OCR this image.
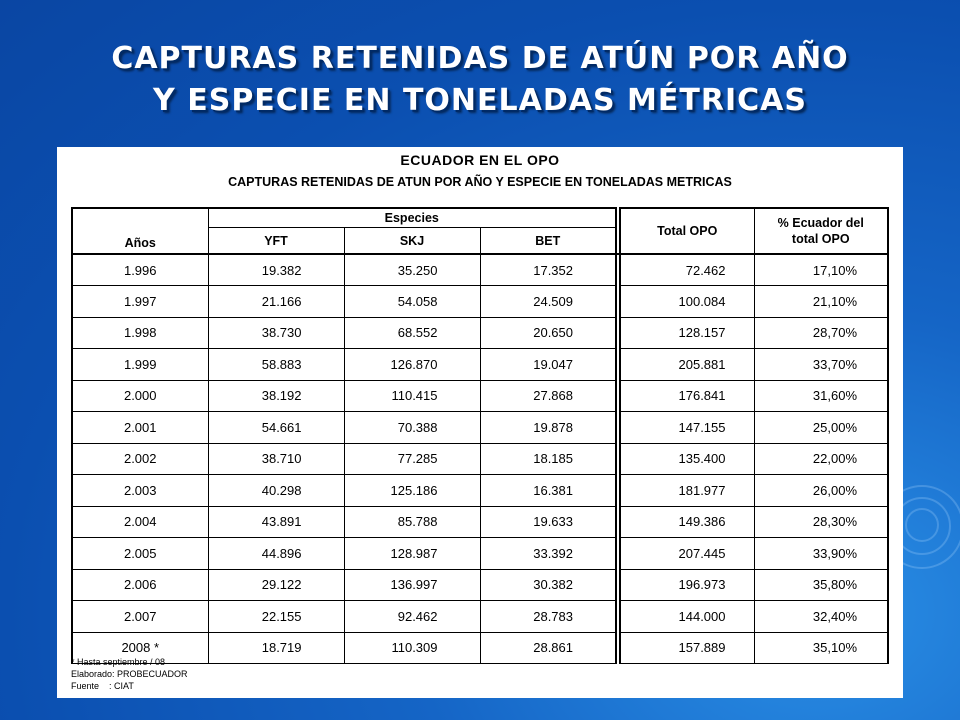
CAPTURAS RETENIDAS DE ATÚN POR AÑO
Y ESPECIE EN TONELADAS MÉTRICAS
ECUADOR EN EL OPO
CAPTURAS RETENIDAS DE ATUN POR AÑO Y ESPECIE EN TONELADAS METRICAS
Años	Especies				Total OPO	% Ecuador del
total OPO

	YFT	SKJ	BET			
1.996	19.382	35.250	17.352		72.462	17,10%
1.997	21.166	54.058	24.509		100.084	21,10%
1.998	38.730	68.552	20.650		128.157	28,70%
1.999	58.883	126.870	19.047		205.881	33,70%
2.000	38.192	110.415	27.868		176.841	31,60%
2.001	54.661	70.388	19.878		147.155	25,00%
2.002	38.710	77.285	18.185		135.400	22,00%
2.003	40.298	125.186	16.381		181.977	26,00%
2.004	43.891	85.788	19.633		149.386	28,30%
2.005	44.896	128.987	33.392		207.445	33,90%
2.006	29.122	136.997	30.382		196.973	35,80%
2.007	22.155	92.462	28.783		144.000	32,40%
2008 *	18.719	110.309	28.861		157.889	35,10%
* Hasta septiembre / 08
Elaborado: PROBECUADOR
Fuente    : CIAT
